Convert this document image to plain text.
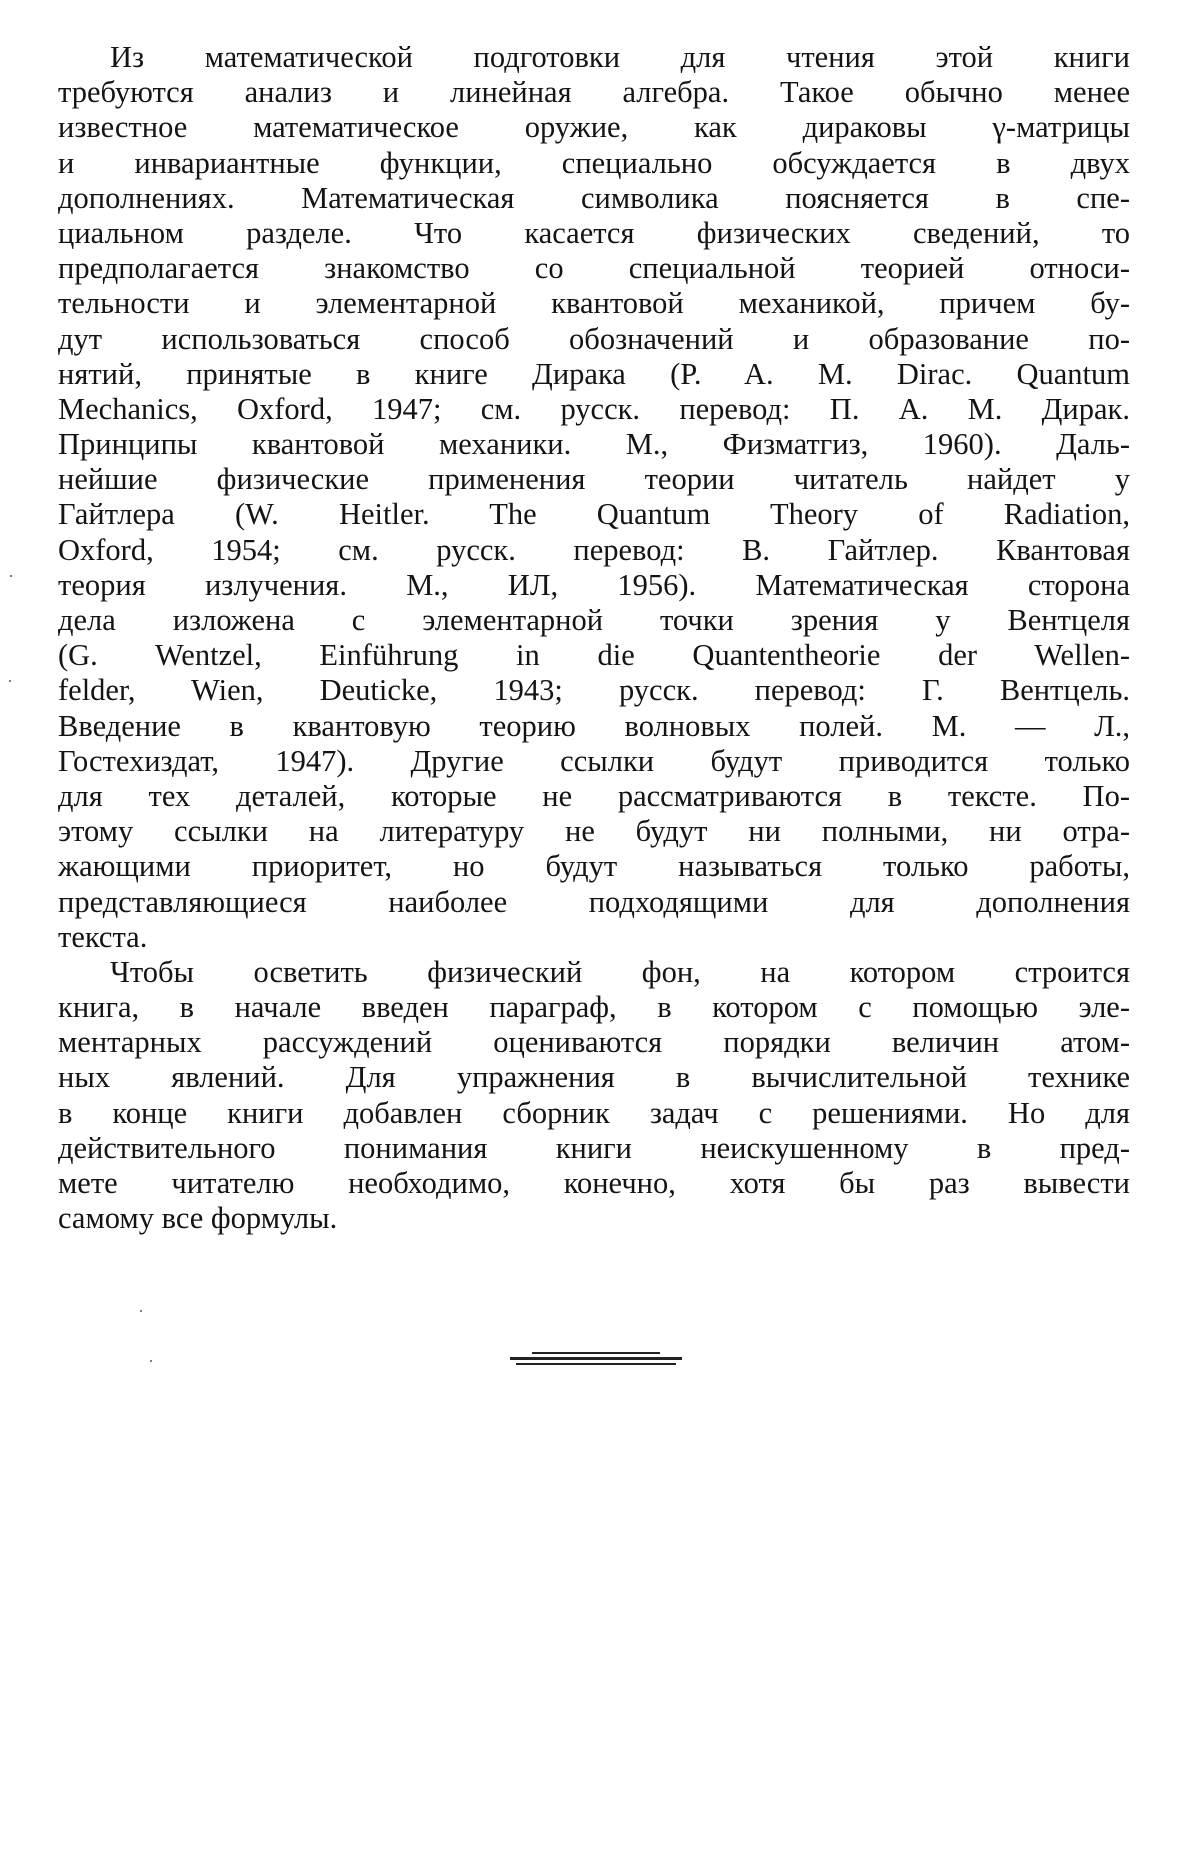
Из математической подготовки для чтения этой книги
требуются анализ и линейная алгебра. Такое обычно менее
известное математическое оружие, как дираковы γ-матрицы
и инвариантные функции, специально обсуждается в двух
дополнениях. Математическая символика поясняется в спе-
циальном разделе. Что касается физических сведений, то
предполагается знакомство со специальной теорией относи-
тельности и элементарной квантовой механикой, причем бу-
дут использоваться способ обозначений и образование по-
нятий, принятые в книге Дирака (P. A. M. Dirac. Quantum
Mechanics, Oxford, 1947; см. русск. перевод: П. А. М. Дирак.
Принципы квантовой механики. М., Физматгиз, 1960). Даль-
нейшие физические применения теории читатель найдет у
Гайтлера (W. Heitler. The Quantum Theory of Radiation,
Oxford, 1954; см. русск. перевод: В. Гайтлер. Квантовая
теория излучения. М., ИЛ, 1956). Математическая сторона
дела изложена с элементарной точки зрения у Вентцеля
(G. Wentzel, Einführung in die Quantentheorie der Wellen-
felder, Wien, Deuticke, 1943; русск. перевод: Г. Вентцель.
Введение в квантовую теорию волновых полей. М. — Л.,
Гостехиздат, 1947). Другие ссылки будут приводится только
для тех деталей, которые не рассматриваются в тексте. По-
этому ссылки на литературу не будут ни полными, ни отра-
жающими приоритет, но будут называться только работы,
представляющиеся наиболее подходящими для дополнения
текста.
Чтобы осветить физический фон, на котором строится
книга, в начале введен параграф, в котором с помощью эле-
ментарных рассуждений оцениваются порядки величин атом-
ных явлений. Для упражнения в вычислительной технике
в конце книги добавлен сборник задач с решениями. Но для
действительного понимания книги неискушенному в пред-
мете читателю необходимо, конечно, хотя бы раз вывести
самому все формулы.
